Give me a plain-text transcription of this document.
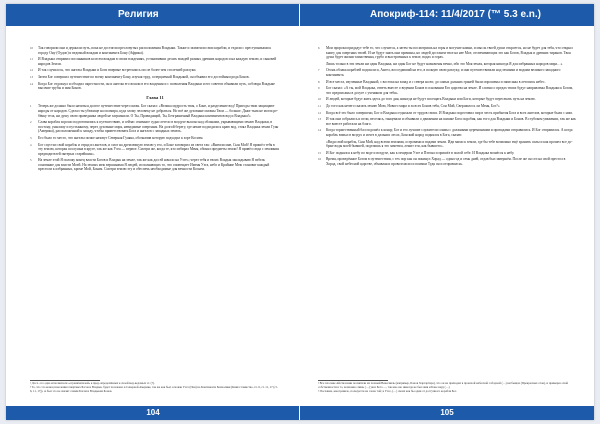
Религия
10	Так говорили они и держали путь, пока не достигли пресловутых расположения Владыки. Также и захватили свои корабли, и ездили с преступниками к городу Ону (Оудоп) и ведомый вождям и континента Бону (Африка).
11	И Владыка отправил посланников ко всем вождям в своих владениях, установивши десять вождей разных древних народов и на каждую землю, и сыновей народов Земли.
12	И так случилось, что ангелы Владыки и Боги впервые встретились после более чем столетней разлуки.
13	Затем Бог совершил путешествие по всему континенту Бону, изучая труд, созерцаемый Владыкой, он объявил его достойным рода Бонов.
14	Когда Бог отдохнул и обходил окрестности, он и ангелы его вошли в его владения и с позволения Владыки и его советов объявили путь, соблюдя Владыке высочие трубы и имя Бонов.
Глава 11
1	Теперь же должно было начаться долгое путешествие через океан. Бог сказал: «Велика мудрость твоя, о Боне, и разделение вод! Пригоды твои защищают народы от народов. Сделал ты убежище на полмира, куда злому человеку не добраться. Но всё же духовные океаны Твои — больше. Даже тьма не могла ребёнку тела, ни душу свою праведника людей не загрязнили. О Ты, Провидящий, Ты, Безграничный Владыка континентов вод и Владыка!»
2	Слава корабля хорошо подготовились к путешествию, и сейчас огненное судно летело в воздухе высоко над облаками, укрывающими землю Владыки, в постону, унылому и пустынному, через духовные моря, невидимые смертным. На долгой берегу, где некие подходили к краю вод, стоял Владыка земли Гуан (Америка), расположенной к западу, чтобы приветствовать Бога и ангелов с западных земель.
3	Его было то место, что ангелы позже назовут Северная Гуаяна, обозначив которую подходил к зоре Косиен.
4	Бог спустил свой корабль и отряд из ангелов, и смог на дремлющую землю у его, и Боне заговорил из света так: «Внемли мне, Сын Мой! Я пришёл тебя в эту землю, которая послушна в круге, так же как Уэга — первое. Смотри же, когда те, кто избирал Меня, обонял предметы земли! Я привёл сюда с землиния предводителей пятерых старейшин».
5	На земле этой Я положу конец власти Богов и Владык на земле, так же как дал ей начало на Уэге»; через тебя и твоих Владык закладываю Я гибель основание для власти Моей. На землях меж вершинами Я людей, исполняющих то, что оповещает Именя Уэга, небо и Крайние Меж становят каждый престоли к избранных, кроме Мой, Бонам. Смотри землю эту и обеспечь необходимые для вечности Коснеи.
¹ Досл. ого одна исполнителя «ограничителей» к пред-определённых к своей мед-ведомых эт. (?).
² То, что это конец поколения смертных Богов и Владык, будет положено в Северной Америке, так же как был основан Уэгa (Пан) на Континенте Безмолвия (Книга Свинство, гл. 6, ст. 11, 17 (ст. 6, 11, 17)). А был это не значит самим Богам и Владыкам Бонов.
104
Апокриф-114: 11/4/2017 (™ 5.3 e.n.)
6	Мои пророки придадут тебе то, что случится, а затем ты посмотришь на горы и могучие камни, и мысль твоей души откроется, но не будет для тебя, что открыл книгу для смертных твоей. И не будут знать они причины, но людей достанем твое на нее Мое, отсвечивающих это как Богов, Владык и древних тиранов. Твоя душа будет жизни таинственна, грубо и выстроенных к земле, водах и горах.
Лишь только в эти земли ни один Владыка, ни один Бог не будут назначены вечно, ибо это Моя земля, которая никогда Я для избранных народов мира…»
7	Огонь облака кораблей подошли и, Ангел, восседавший на его, в полную свою разлуку, и они путешествовали над землями и водами великого западного континента.
8	И все места, изученные Владыкой, с востока на запад и с севера на юг, до самых дальних граней были опрошены и записаны в летопись небес.
9	Бог сказал: «А ты, мой Владыка, ответь вместе о ведении Бонов в основании Его царства на земле. И словно о предах твоих будут направлены Владыки к Богам, что предписаны в досуге с учеником для тебя».
10	И людей, которые будут жить здесь до того дня, никогда не будут посещать Владыки или Боги, которые будут пересекать путь на землю.
11	До того как нечего сказать землю Мою, Нового мира и за всех Бонов тебя, Сон Мой, Свершилось ли Меня, Бог?»
12	Когда всё это было совершено, Бог и Владыка отдыхали от трудов своих. И Владыка подготовил пир в честь прибытия Бога и всех ангелов, которые были с ним.
13	И так они собрались и пели, веселясь, танцевали и объявили о движении на шишке Бога подобия, как того для Владыки и Бонов. В глубоком уважении, так же как все вместе работали на благо.
14	Когда торжественный бал подошёл к концу, Бог и его лучшие служители сонмы с должными церемониями и проводами отправились. И Бог отправился. А когда корабль взмыл в воздух и исчез в дальних лесах, Бонский народ поднялся в Бога, сказав:
«Видя свой корабль, Сын Мой, над всеми землями, островами и водами земли. Иди мимо к земли, где бы тебе возможно ещё хранить силы и как прошел все добрые воды моей бывшей, поделишь я это заметим, лежит эти, как бывшего».
15	И Бог поднялся к небу по воде и воздухе, как к пещерам Уэге и Пэтона и пришёл в полой себе. И Владыка вознёсся к небу.
16	Время, проведённое Богом в путешествии, с тех пор как он покинул Хорад — один год и семь дней, отдав был завершён. После же он сел на свой престол в Хорад, свой небесной царстве, объявляя и провозгласил и поимки Тудя он и отправился».
¹ Все плоские Айстилонии посвятили их полный Венесвиль (например, Бонов Хартартира), что он не приходил в прошлой небесной соборной (…) ни быщах (Прекрасных слов), и примерно свой собственности в то, возможно лишь (…) указ Бога —, так как оно никогда не был жив и Боне неуд (…)
² Послание, как правило, пользуется не слова той; в Уэге, (…) своих как бы один от доступного корабля Бог.
105
